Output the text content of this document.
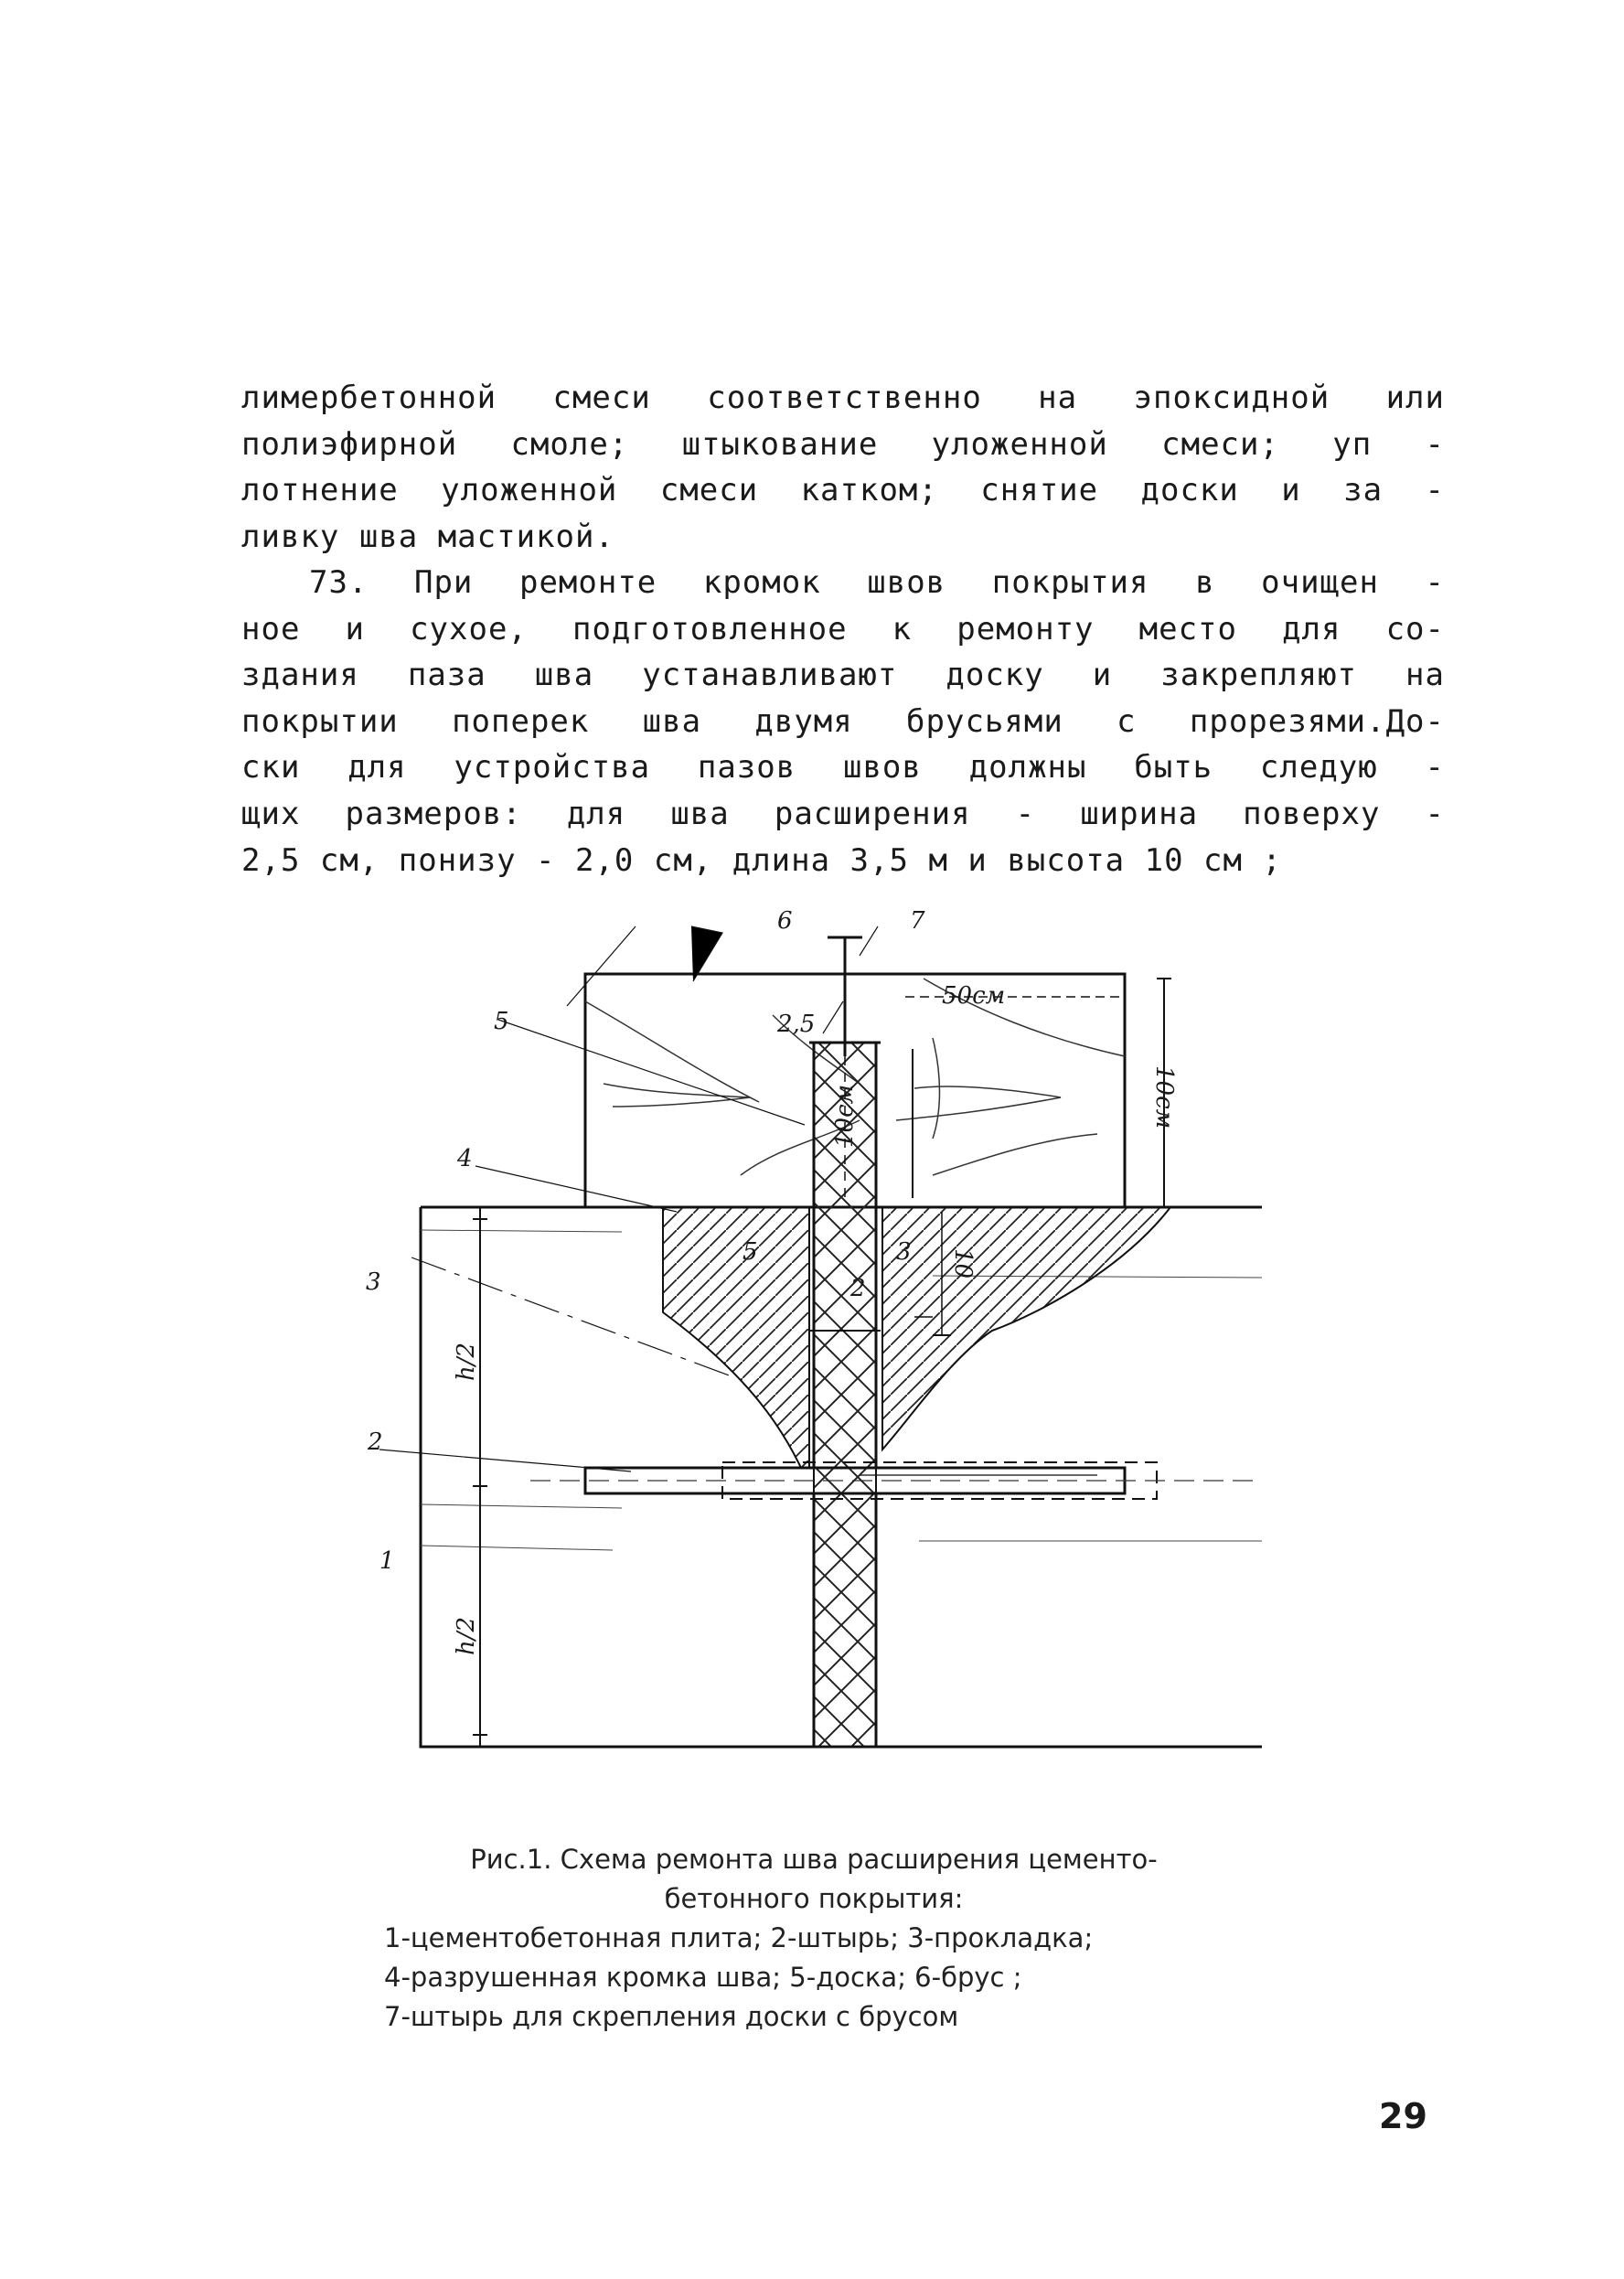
лимербетонной смеси соответственно на эпоксидной или
полиэфирной смоле; штыкование уложенной смеси; уп -
лотнение уложенной смеси катком; снятие доски и за -
ливку шва мастикой.
73. При ремонте кромок швов покрытия в очищен -
ное и сухое, подготовленное к ремонту место для со-
здания паза шва устанавливают доску и закрепляют на
покрытии поперек шва двумя брусьями с прорезями.До-
ски для устройства пазов швов должны быть следую -
щих размеров: для шва расширения - ширина поверху -
2,5 см, понизу - 2,0 см, длина 3,5 м и высота 10 см ;
6	7
5
4
3
2
1
5
2
3
2,5
50см
10см
10см
10
h/2
h/2
Рис.1. Схема ремонта шва расширения цементо-
бетонного покрытия:
1-цементобетонная плита; 2-штырь; 3-прокладка;
4-разрушенная кромка шва; 5-доска; 6-брус ;
7-штырь для скрепления доски с брусом
29
